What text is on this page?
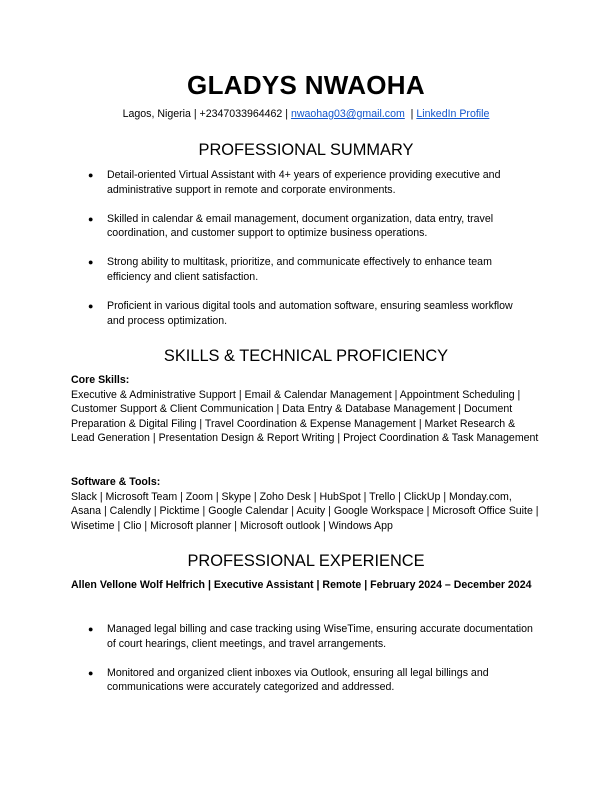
GLADYS NWAOHA
Lagos, Nigeria | +2347033964462 | nwaohag03@gmail.com  | LinkedIn Profile
PROFESSIONAL SUMMARY
● Detail-oriented Virtual Assistant with 4+ years of experience providing executive and administrative support in remote and corporate environments.
● Skilled in calendar & email management, document organization, data entry, travel coordination, and customer support to optimize business operations.
● Strong ability to multitask, prioritize, and communicate effectively to enhance team efficiency and client satisfaction.
● Proficient in various digital tools and automation software, ensuring seamless workflow and process optimization.
SKILLS & TECHNICAL PROFICIENCY
Core Skills:
Executive & Administrative Support | Email & Calendar Management | Appointment Scheduling | Customer Support & Client Communication | Data Entry & Database Management | Document Preparation & Digital Filing | Travel Coordination & Expense Management | Market Research & Lead Generation | Presentation Design & Report Writing | Project Coordination & Task Management
Software & Tools:
Slack | Microsoft Team | Zoom | Skype | Zoho Desk | HubSpot | Trello | ClickUp | Monday.com, Asana | Calendly | Picktime | Google Calendar | Acuity | Google Workspace | Microsoft Office Suite | Wisetime | Clio | Microsoft planner | Microsoft outlook | Windows App
PROFESSIONAL EXPERIENCE
Allen Vellone Wolf Helfrich | Executive Assistant | Remote | February 2024 – December 2024
● Managed legal billing and case tracking using WiseTime, ensuring accurate documentation of court hearings, client meetings, and travel arrangements.
● Monitored and organized client inboxes via Outlook, ensuring all legal billings and communications were accurately categorized and addressed.
